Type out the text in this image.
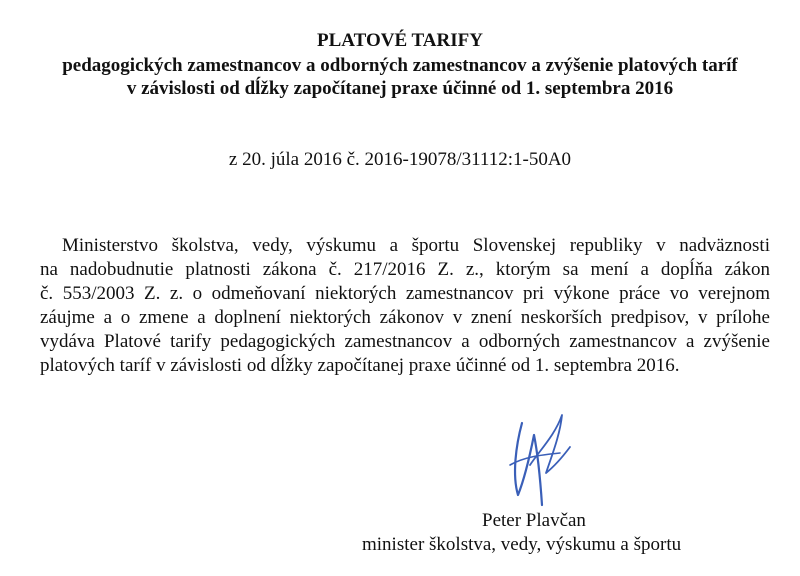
PLATOVÉ TARIFY
pedagogických zamestnancov a odborných zamestnancov a zvýšenie platových taríf
v závislosti od dĺžky započítanej praxe účinné od 1. septembra 2016
z 20. júla 2016 č. 2016-19078/31112:1-50A0
Ministerstvo školstva, vedy, výskumu a športu Slovenskej republiky v nadväznosti
na nadobudnutie platnosti zákona č. 217/2016 Z. z., ktorým sa mení a dopĺňa zákon
č. 553/2003 Z. z. o odmeňovaní niektorých zamestnancov pri výkone práce vo verejnom
záujme a o zmene a doplnení niektorých zákonov v znení neskorších predpisov, v prílohe
vydáva Platové tarify pedagogických zamestnancov a odborných zamestnancov a zvýšenie
platových taríf v závislosti od dĺžky započítanej praxe účinné od 1. septembra 2016.
Peter Plavčan
minister školstva, vedy, výskumu a športu
